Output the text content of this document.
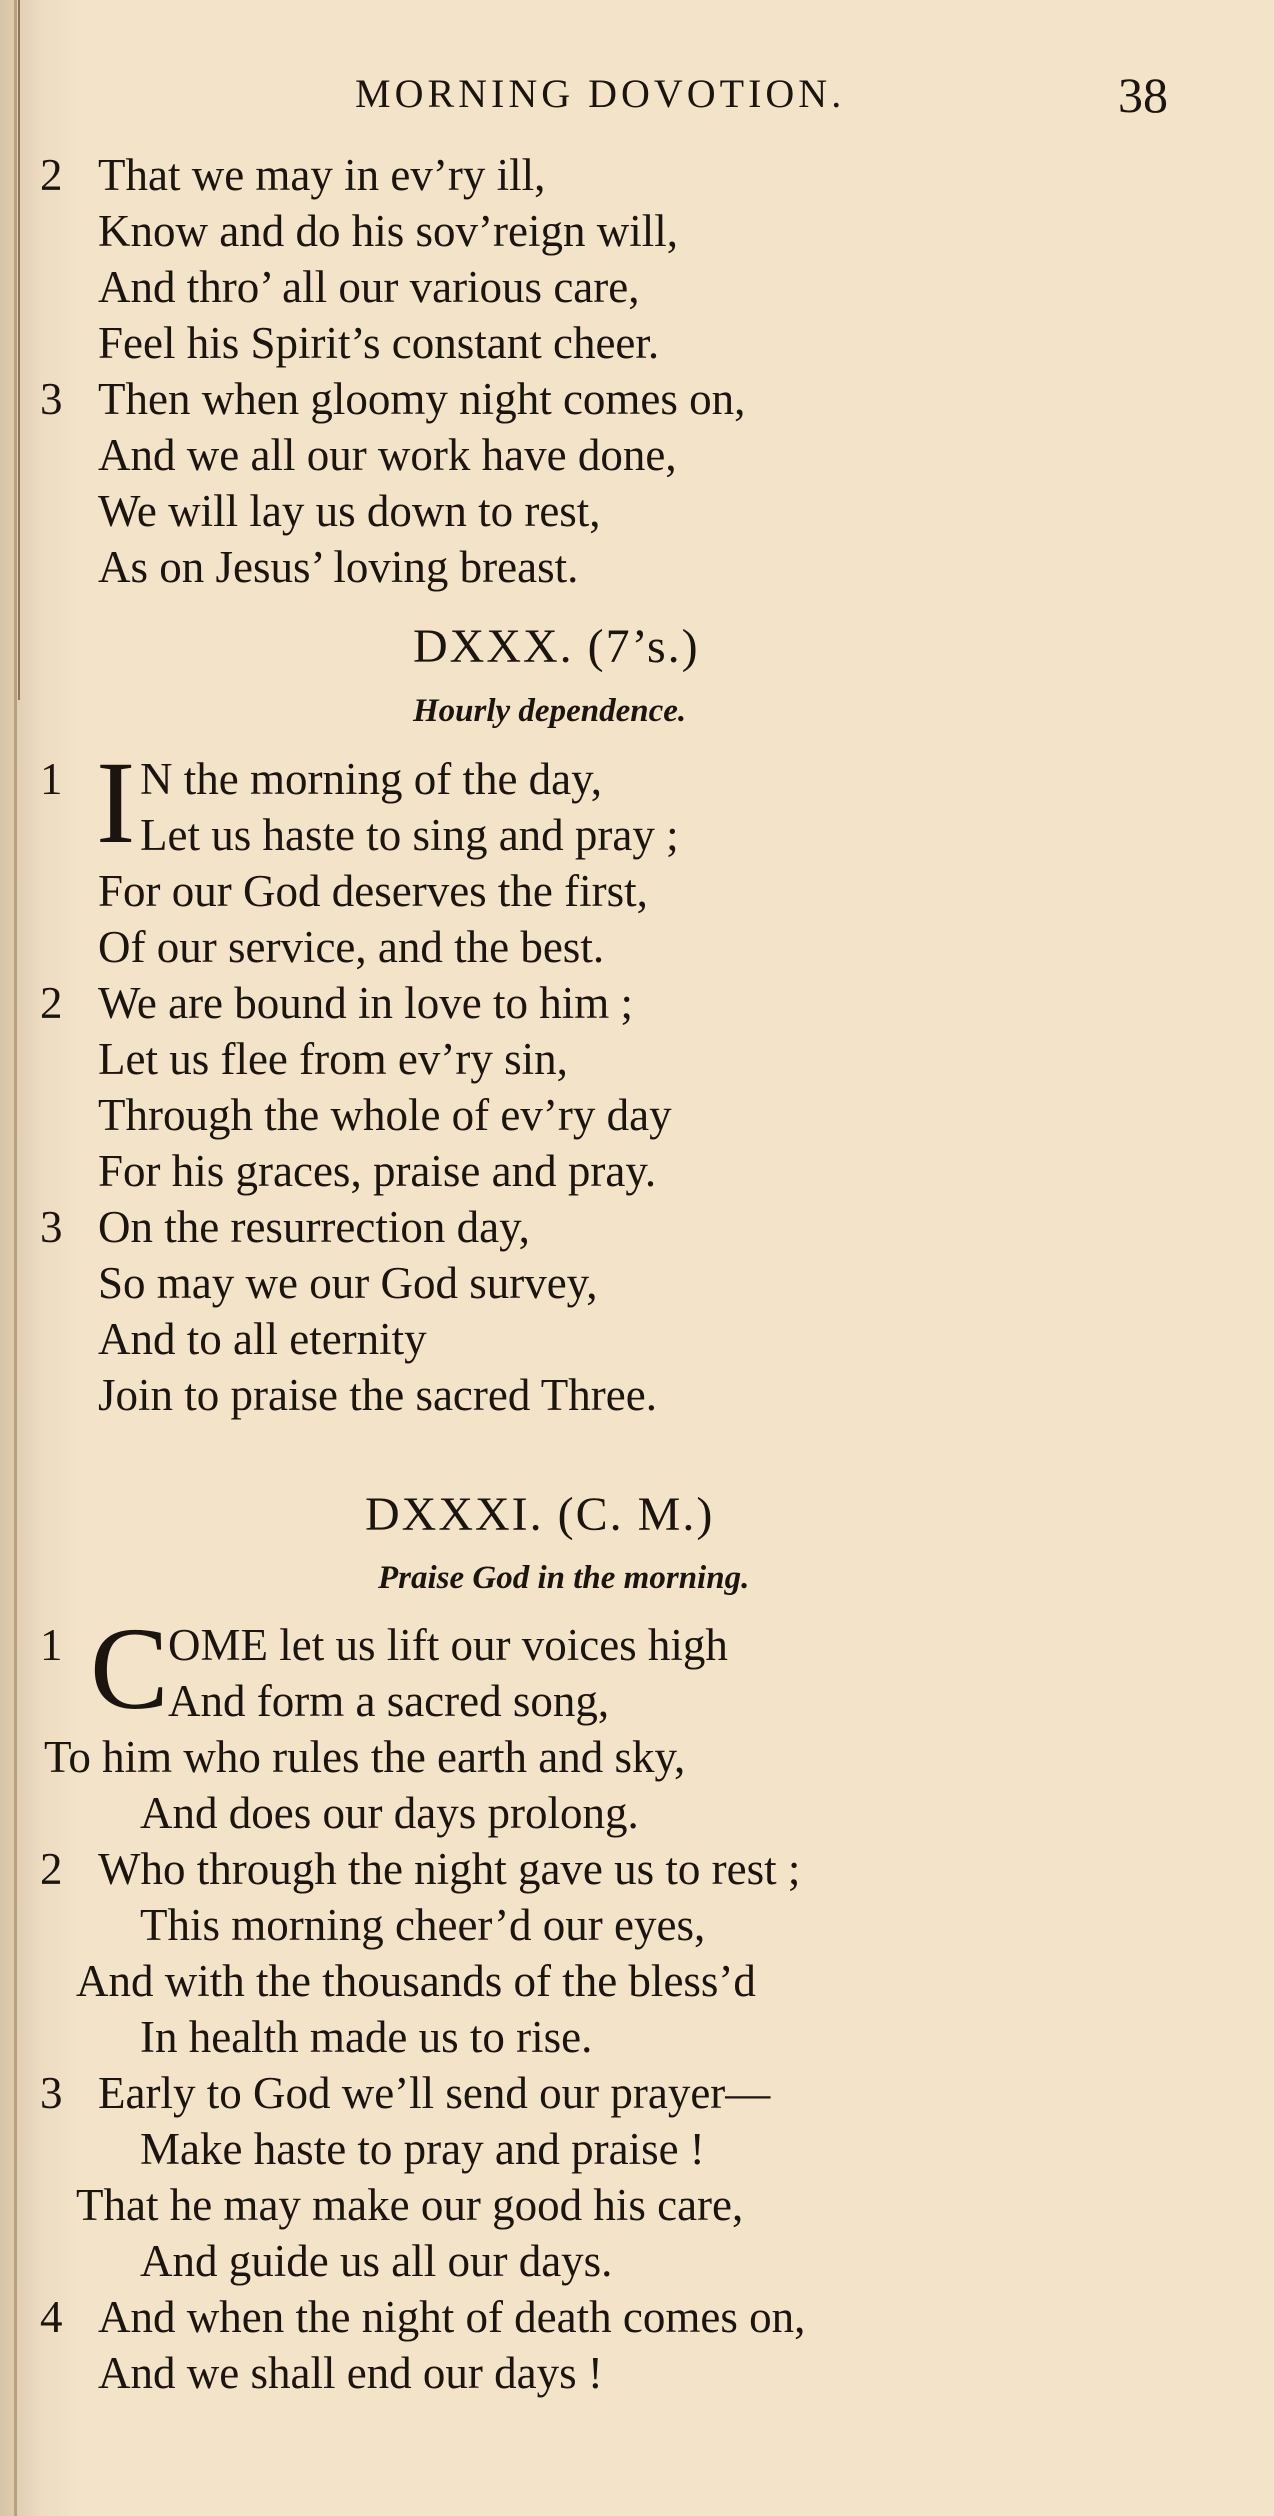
MORNING DOVOTION.	38
2 That we may in ev’ry ill,
Know and do his sov’reign will,
And thro’ all our various care,
Feel his Spirit’s constant cheer.
3 Then when gloomy night comes on,
And we all our work have done,
We will lay us down to rest,
As on Jesus’ loving breast.
DXXX. (7’s.)
Hourly dependence.
1 I N the morning of the day,
Let us haste to sing and pray ;
For our God deserves the first,
Of our service, and the best.
2 We are bound in love to him ;
Let us flee from ev’ry sin,
Through the whole of ev’ry day
For his graces, praise and pray.
3 On the resurrection day,
So may we our God survey,
And to all eternity
Join to praise the sacred Three.
DXXXI. (C. M.)
Praise God in the morning.
1 C OME let us lift our voices high
And form a sacred song,
To him who rules the earth and sky,
And does our days prolong.
2 Who through the night gave us to rest ;
This morning cheer’d our eyes,
And with the thousands of the bless’d
In health made us to rise.
3 Early to God we’ll send our prayer—
Make haste to pray and praise !
That he may make our good his care,
And guide us all our days.
4 And when the night of death comes on,
And we shall end our days !
